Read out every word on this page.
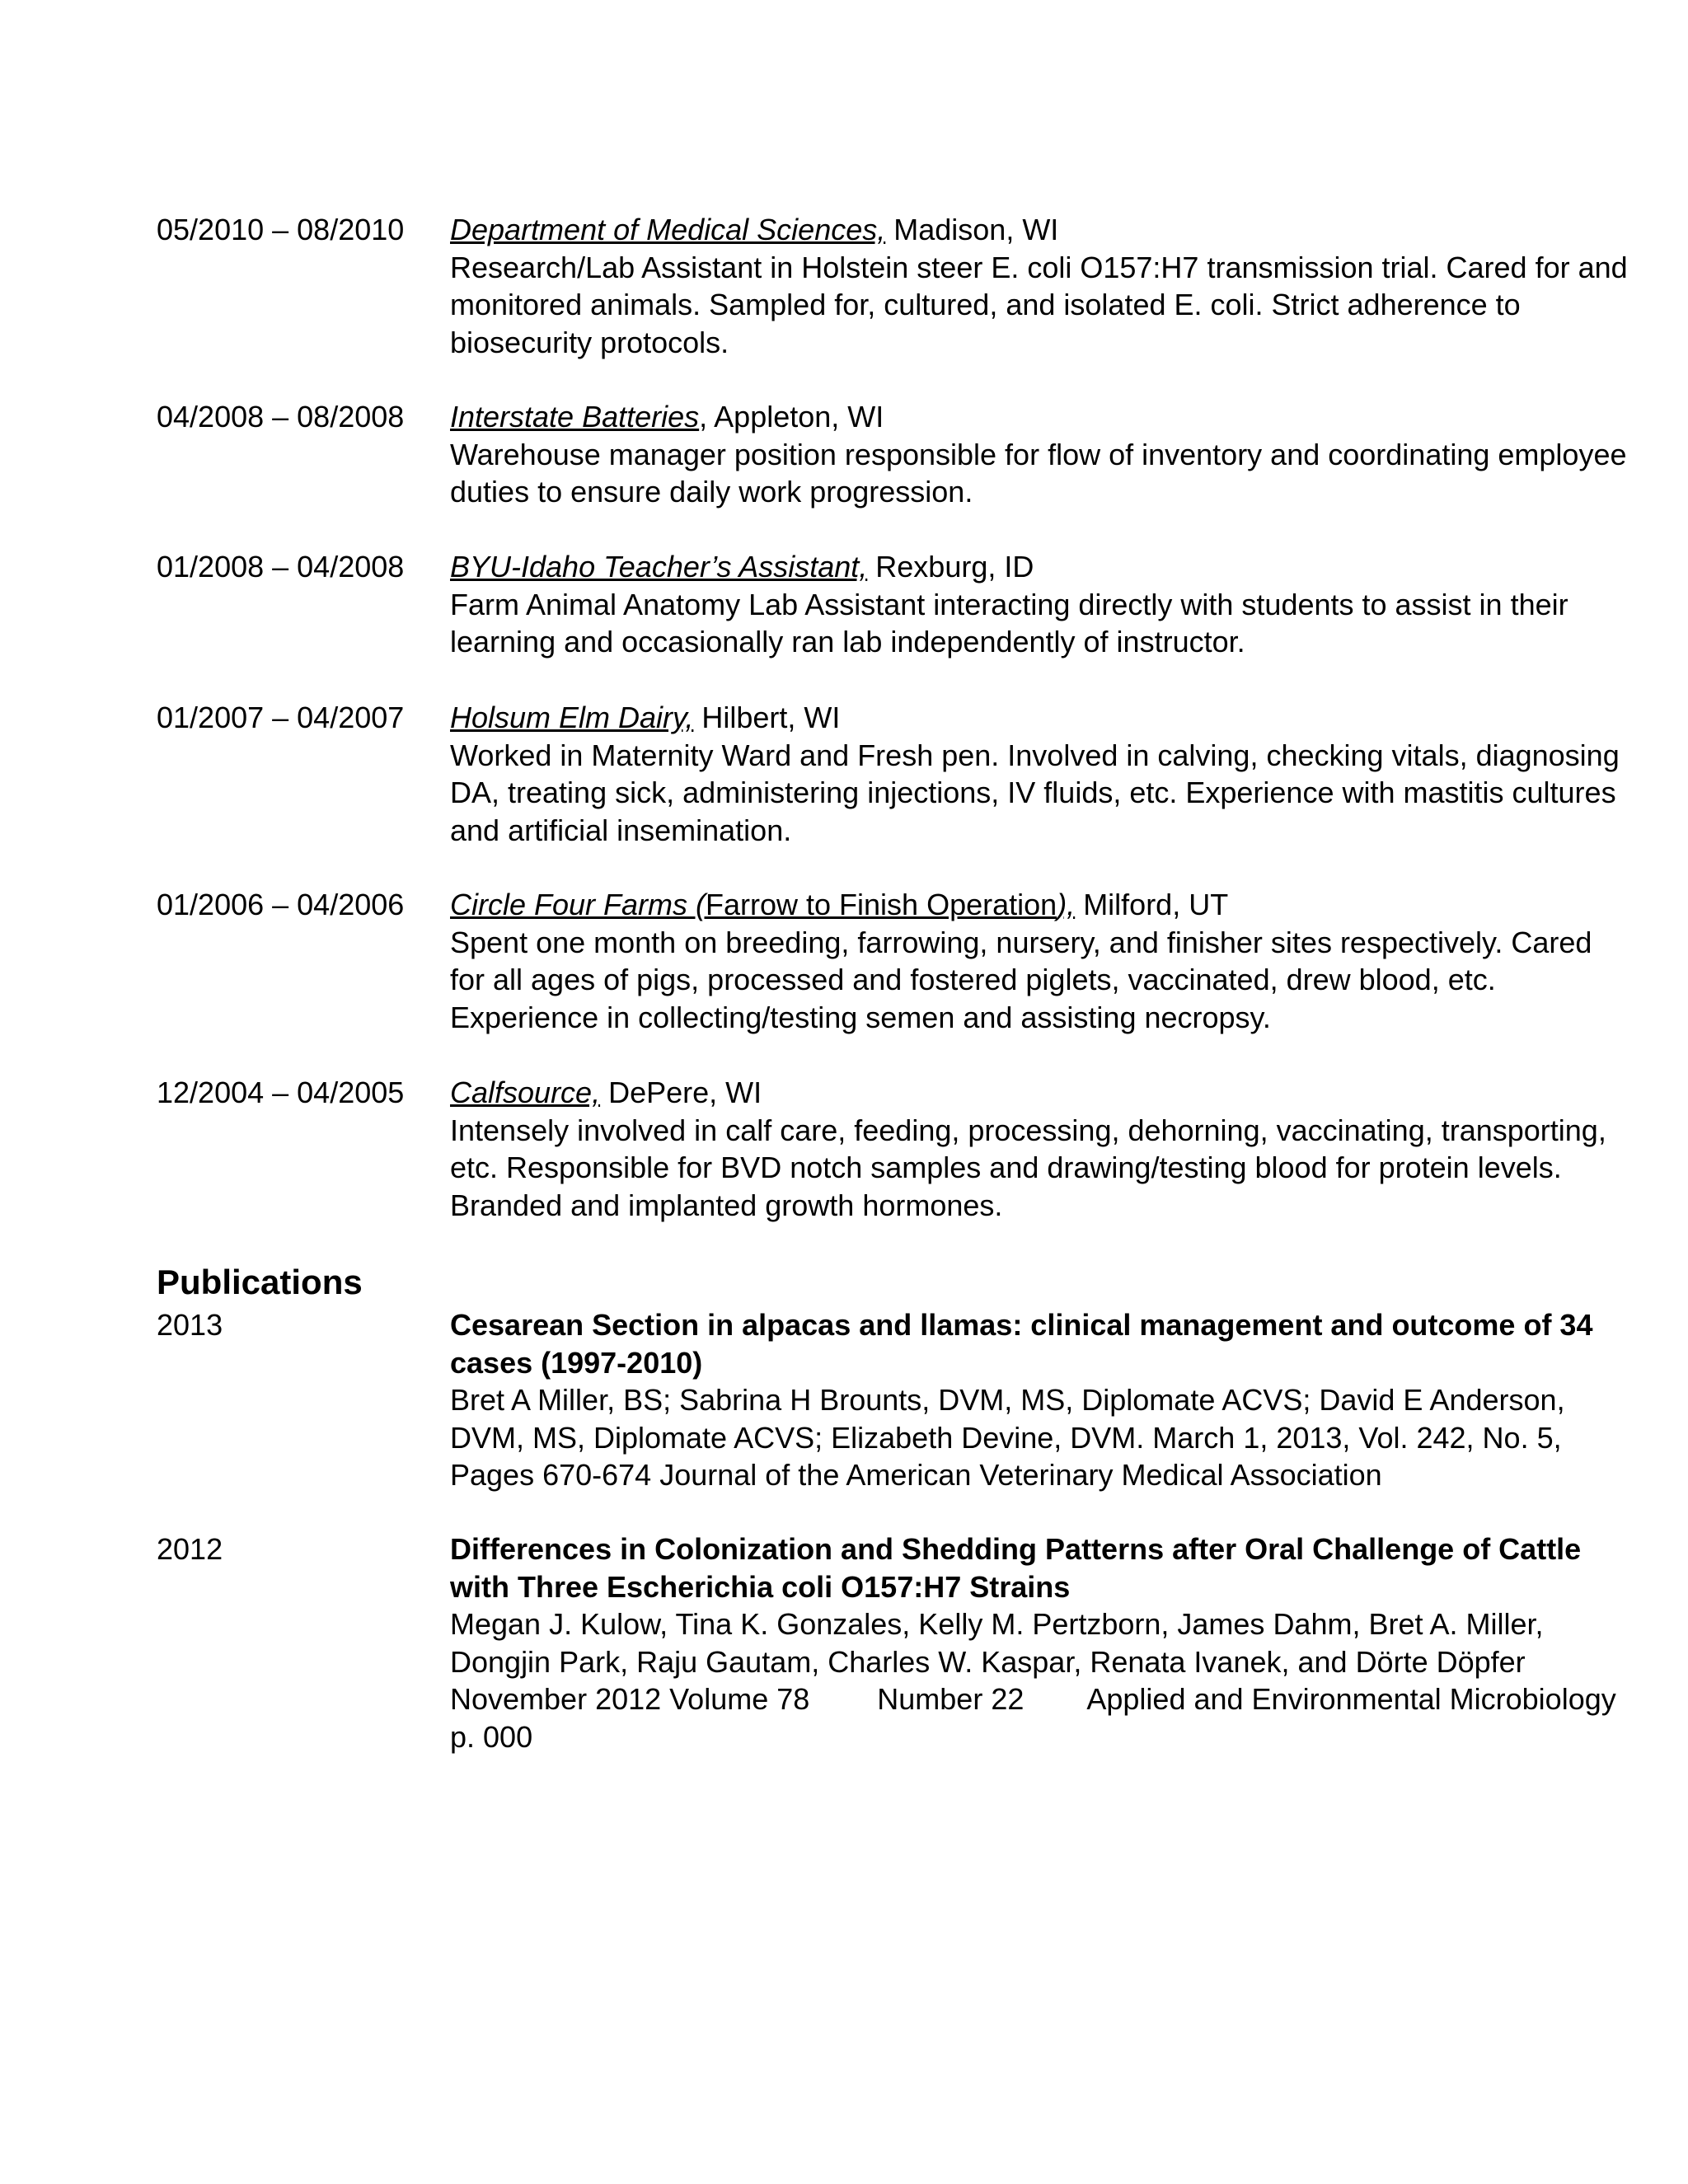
05/2010 – 08/2010 Department of Medical Sciences, Madison, WI
Research/Lab Assistant in Holstein steer E. coli O157:H7 transmission trial. Cared for and
monitored animals. Sampled for, cultured, and isolated E. coli. Strict adherence to
biosecurity protocols.
04/2008 – 08/2008 Interstate Batteries, Appleton, WI
Warehouse manager position responsible for flow of inventory and coordinating employee
duties to ensure daily work progression.
01/2008 – 04/2008 BYU-Idaho Teacher’s Assistant, Rexburg, ID
Farm Animal Anatomy Lab Assistant interacting directly with students to assist in their
learning and occasionally ran lab independently of instructor.
01/2007 – 04/2007 Holsum Elm Dairy, Hilbert, WI
Worked in Maternity Ward and Fresh pen. Involved in calving, checking vitals, diagnosing
DA, treating sick, administering injections, IV fluids, etc. Experience with mastitis cultures
and artificial insemination.
01/2006 – 04/2006 Circle Four Farms (Farrow to Finish Operation), Milford, UT
Spent one month on breeding, farrowing, nursery, and finisher sites respectively. Cared
for all ages of pigs, processed and fostered piglets, vaccinated, drew blood, etc.
Experience in collecting/testing semen and assisting necropsy.
12/2004 – 04/2005 Calfsource, DePere, WI
Intensely involved in calf care, feeding, processing, dehorning, vaccinating, transporting,
etc. Responsible for BVD notch samples and drawing/testing blood for protein levels.
Branded and implanted growth hormones.
Publications
2013	Cesarean Section in alpacas and llamas: clinical management and outcome of 34
cases (1997-2010)
Bret A Miller, BS; Sabrina H Brounts, DVM, MS, Diplomate ACVS; David E Anderson,
DVM, MS, Diplomate ACVS; Elizabeth Devine, DVM. March 1, 2013, Vol. 242, No. 5,
Pages 670-674 Journal of the American Veterinary Medical Association
2012	Differences in Colonization and Shedding Patterns after Oral Challenge of Cattle
with Three Escherichia coli O157:H7 Strains
Megan J. Kulow, Tina K. Gonzales, Kelly M. Pertzborn, James Dahm, Bret A. Miller,
Dongjin Park, Raju Gautam, Charles W. Kaspar, Renata Ivanek, and Dörte Döpfer
November 2012 Volume 78 Number 22 Applied and Environmental Microbiology
p. 000
